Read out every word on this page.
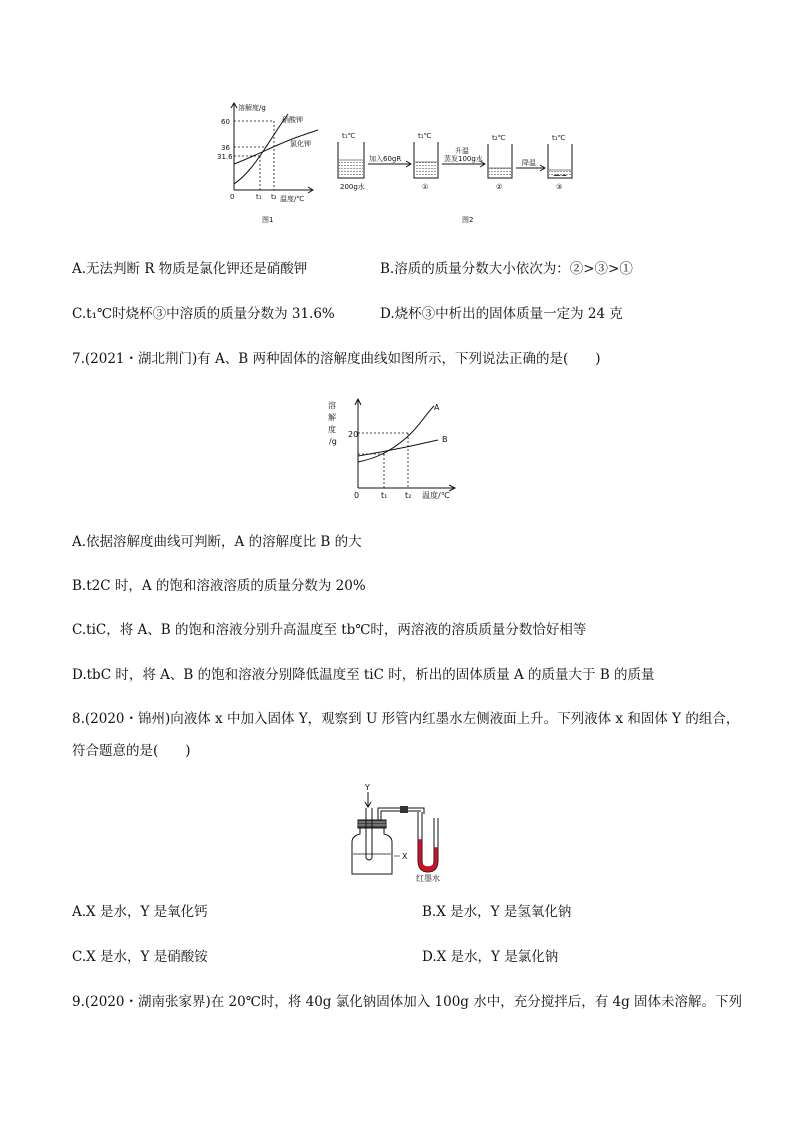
溶解度/g
60
36
31.6
0	t₁ t₂ 温度/℃
硝酸钾
氯化钾
图1
t₁℃	t₁℃	t₂℃	t₁℃
200g水
加入60gR
升温
蒸发100g水	降温
①	②	③
图2
A.无法判断 R 物质是氯化钾还是硝酸钾	B.溶质的质量分数大小依次为：②>③>①
C.t₁℃时烧杯③中溶质的质量分数为 31.6%	D.烧杯③中析出的固体质量一定为 24 克
7.(2021・湖北荆门)有 A、B 两种固体的溶解度曲线如图所示，下列说法正确的是(　　)
溶
解
度
/g
20
0	t₁ t₂ 温度/℃
A
B
A.依据溶解度曲线可判断，A 的溶解度比 B 的大
B.t2C 时，A 的饱和溶液溶质的质量分数为 20%
C.tiC，将 A、B 的饱和溶液分别升高温度至 tb℃时，两溶液的溶质质量分数恰好相等
D.tbC 时，将 A、B 的饱和溶液分别降低温度至 tiC 时，析出的固体质量 A 的质量大于 B 的质量
8.(2020・锦州)向液体 x 中加入固体 Y，观察到 U 形管内红墨水左侧液面上升。下列液体 x 和固体 Y 的组合，
符合题意的是(　　)
Y
X
红墨水
A.X 是水，Y 是氧化钙	B.X 是水，Y 是氢氧化钠
C.X 是水，Y 是硝酸铵	D.X 是水，Y 是氯化钠
9.(2020・湖南张家界)在 20℃时，将 40g 氯化钠固体加入 100g 水中，充分搅拌后，有 4g 固体未溶解。下列
